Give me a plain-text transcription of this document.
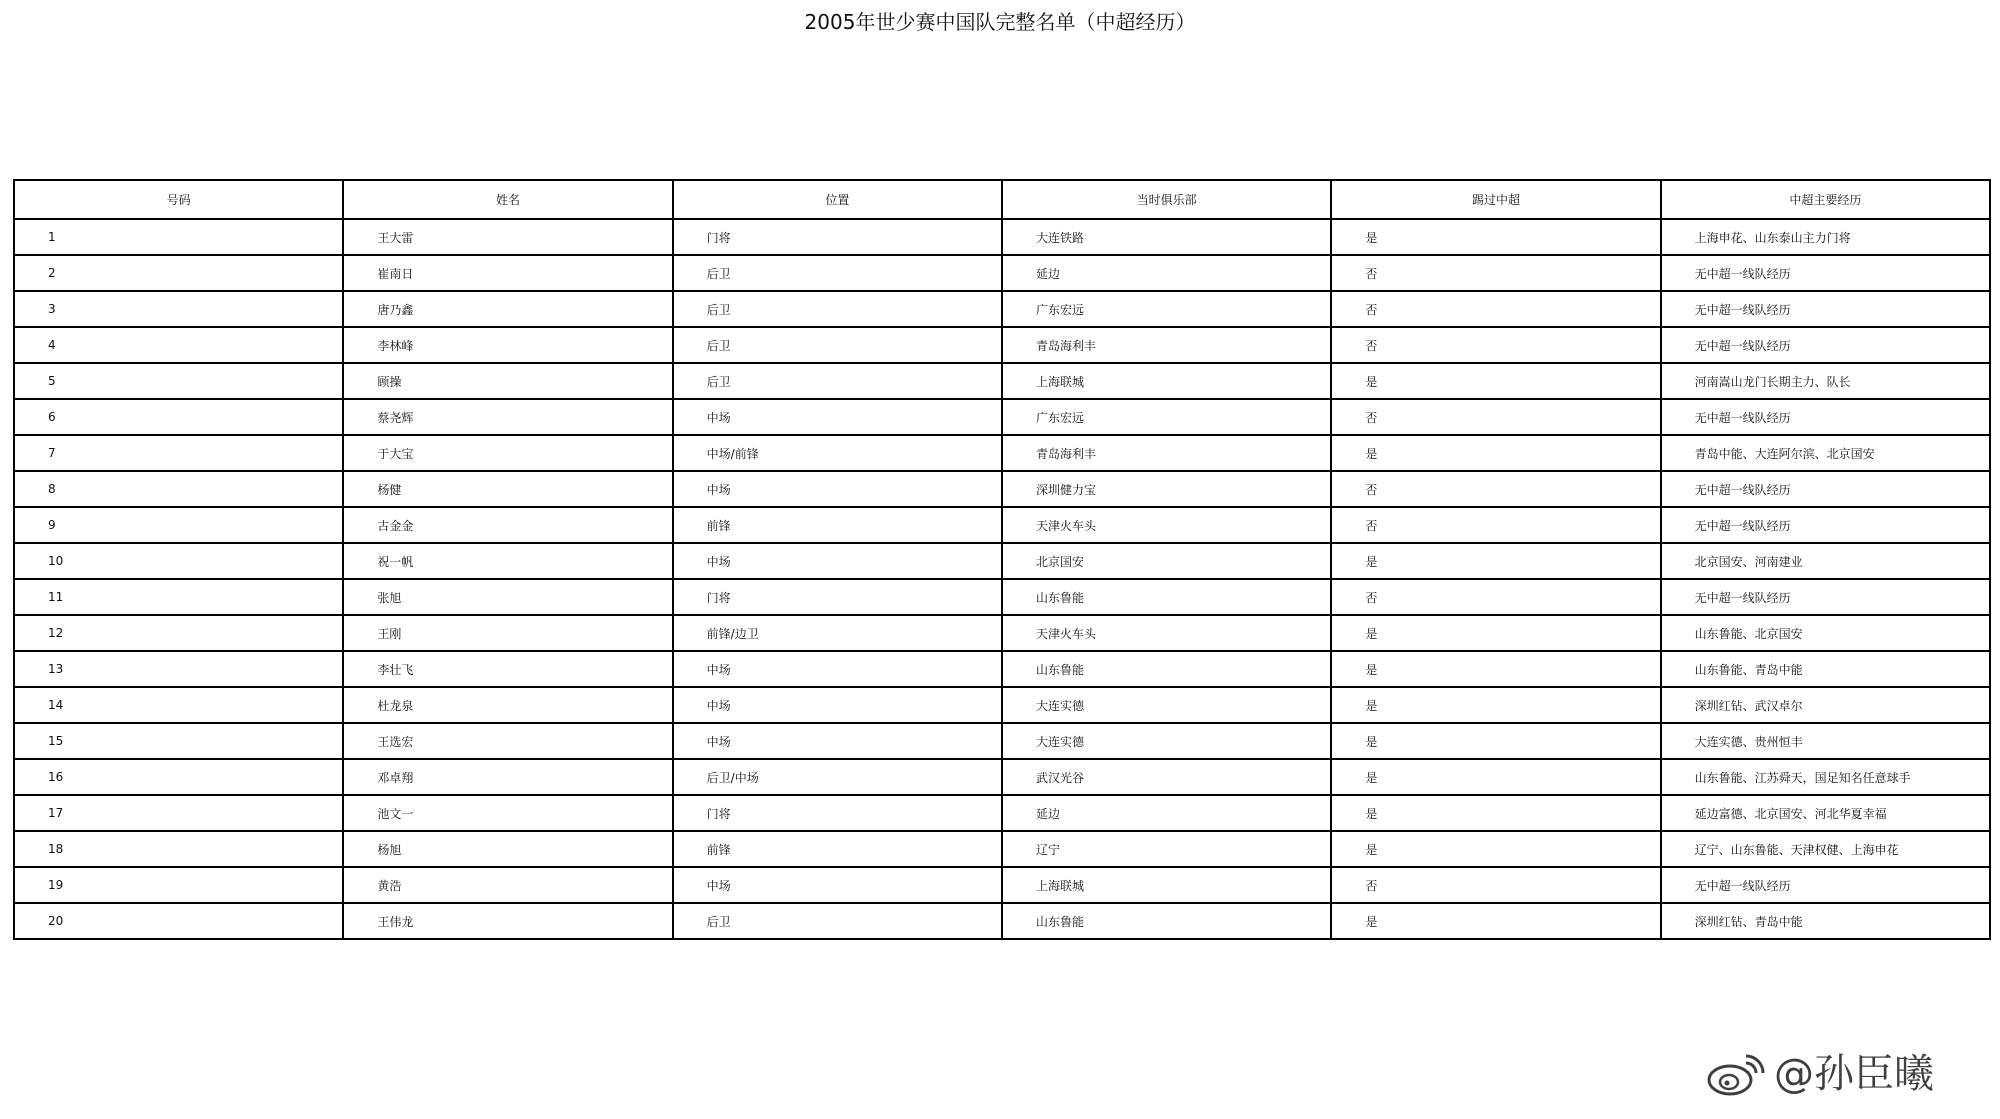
2005年世少赛中国队完整名单（中超经历）
号码	姓名	位置	当时俱乐部	踢过中超	中超主要经历
1	王大雷	门将	大连铁路	是	上海申花、山东泰山主力门将
2	崔南日	后卫	延边	否	无中超一线队经历
3	唐乃鑫	后卫	广东宏远	否	无中超一线队经历
4	李林峰	后卫	青岛海利丰	否	无中超一线队经历
5	顾操	后卫	上海联城	是	河南嵩山龙门长期主力、队长
6	蔡尧辉	中场	广东宏远	否	无中超一线队经历
7	于大宝	中场/前锋	青岛海利丰	是	青岛中能、大连阿尔滨、北京国安
8	杨健	中场	深圳健力宝	否	无中超一线队经历
9	古金金	前锋	天津火车头	否	无中超一线队经历
10	祝一帆	中场	北京国安	是	北京国安、河南建业
11	张旭	门将	山东鲁能	否	无中超一线队经历
12	王刚	前锋/边卫	天津火车头	是	山东鲁能、北京国安
13	李壮飞	中场	山东鲁能	是	山东鲁能、青岛中能
14	杜龙泉	中场	大连实德	是	深圳红钻、武汉卓尔
15	王选宏	中场	大连实德	是	大连实德、贵州恒丰
16	邓卓翔	后卫/中场	武汉光谷	是	山东鲁能、江苏舜天，国足知名任意球手
17	池文一	门将	延边	是	延边富德、北京国安、河北华夏幸福
18	杨旭	前锋	辽宁	是	辽宁、山东鲁能、天津权健、上海申花
19	黄浩	中场	上海联城	否	无中超一线队经历
20	王伟龙	后卫	山东鲁能	是	深圳红钻、青岛中能
@孙臣曦
